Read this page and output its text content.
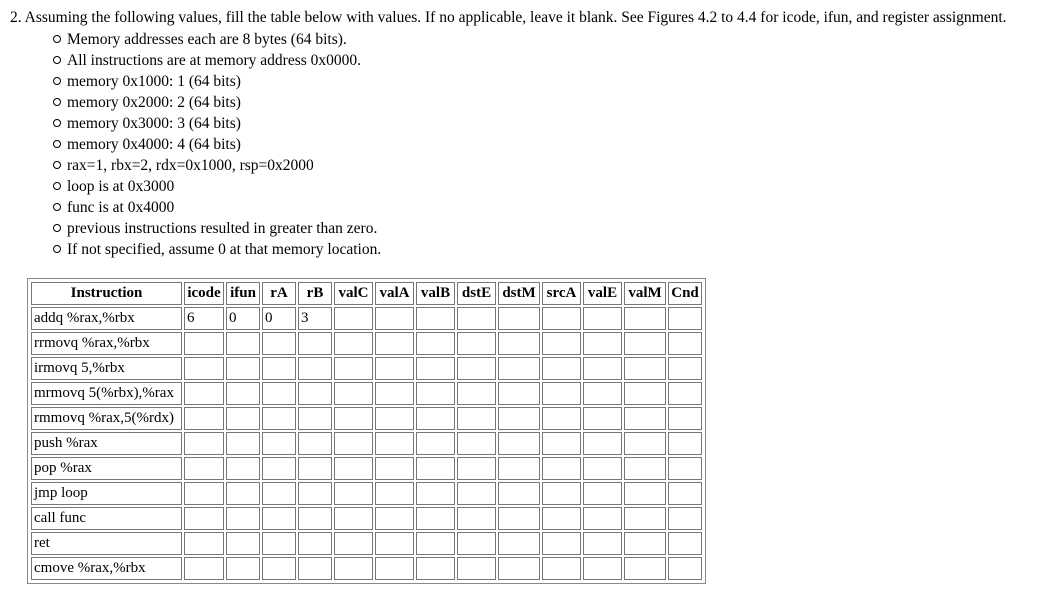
2. Assuming the following values, fill the table below with values. If no applicable, leave it blank. See Figures 4.2 to 4.4 for icode, ifun, and register assignment.
Memory addresses each are 8 bytes (64 bits).
All instructions are at memory address 0x0000.
memory 0x1000: 1 (64 bits)
memory 0x2000: 2 (64 bits)
memory 0x3000: 3 (64 bits)
memory 0x4000: 4 (64 bits)
rax=1, rbx=2, rdx=0x1000, rsp=0x2000
loop is at 0x3000
func is at 0x4000
previous instructions resulted in greater than zero.
If not specified, assume 0 at that memory location.
Instruction	icode	ifun	rA	rB	valC	valA	valB	dstE	dstM	srcA	valE	valM	Cnd
addq %rax,%rbx	6	0	0	3									
rrmovq %rax,%rbx													
irmovq 5,%rbx													
mrmovq 5(%rbx),%rax													
rmmovq %rax,5(%rdx)													
push %rax													
pop %rax													
jmp loop													
call func													
ret													
cmove %rax,%rbx													
